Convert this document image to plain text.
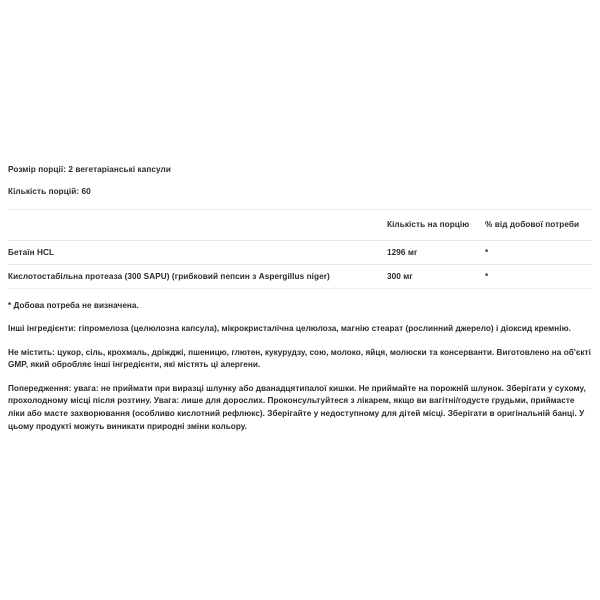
Розмір порції: 2 вегетаріанські капсули

Кількість порцій: 60

	Кількість на порцію	% від добової потреби
Бетаїн HCL	1296 мг	*
Кислотостабільна протеаза (300 SAPU) (грибковий пепсин з Aspergillus niger)	300 мг	*

* Добова потреба не визначена.

Інші інгредієнти: гіпромелоза (целюлозна капсула), мікрокристалічна целюлоза, магнію стеарат (рослинний джерело) і діоксид кремнію.

Не містить: цукор, сіль, крохмаль, дріжджі, пшеницю, глютен, кукурудзу, сою, молоко, яйця, молюски та консерванти. Виготовлено на об'єкті GMP, який обробляє інші інгредієнти, які містять ці алергени.

Попередження: увага: не приймати при виразці шлунку або дванадцятипалої кишки. Не приймайте на порожній шлунок. Зберігати у сухому, прохолодному місці після розтину. Увага: лише для дорослих. Проконсультуйтеся з лікарем, якщо ви вагітні/годусте грудьми, приймасте ліки або масте захворювання (особливо кислотний рефлюкс). Зберігайте у недоступному для дітей місці. Зберігати в оригінальній банці. У цьому продукті можуть виникати природні зміни кольору.
